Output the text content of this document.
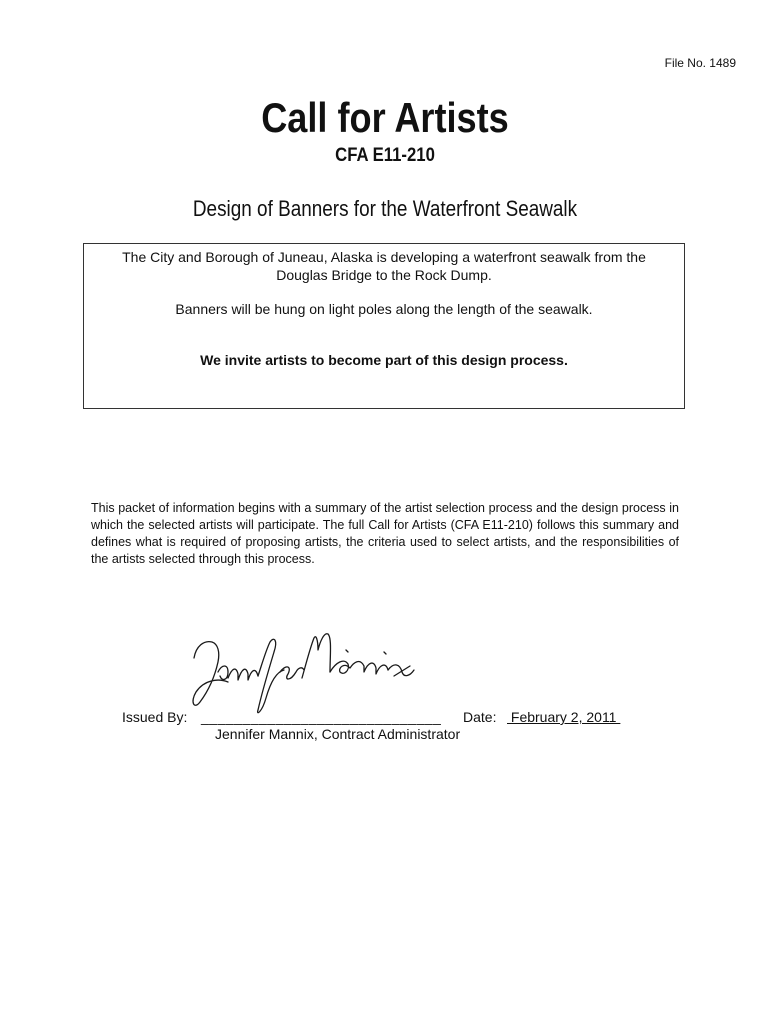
File No. 1489
Call for Artists
CFA E11-210
Design of Banners for the Waterfront Seawalk

The City and Borough of Juneau, Alaska is developing a waterfront seawalk from the Douglas Bridge to the Rock Dump.

Banners will be hung on light poles along the length of the seawalk.

We invite artists to become part of this design process.

This packet of information begins with a summary of the artist selection process and the design process in which the selected artists will participate. The full Call for Artists (CFA E11-210) follows this summary and defines what is required of proposing artists, the criteria used to select artists, and the responsibilities of the artists selected through this process.

Issued By: _____________________________ Date: February 2, 2011
Jennifer Mannix, Contract Administrator
